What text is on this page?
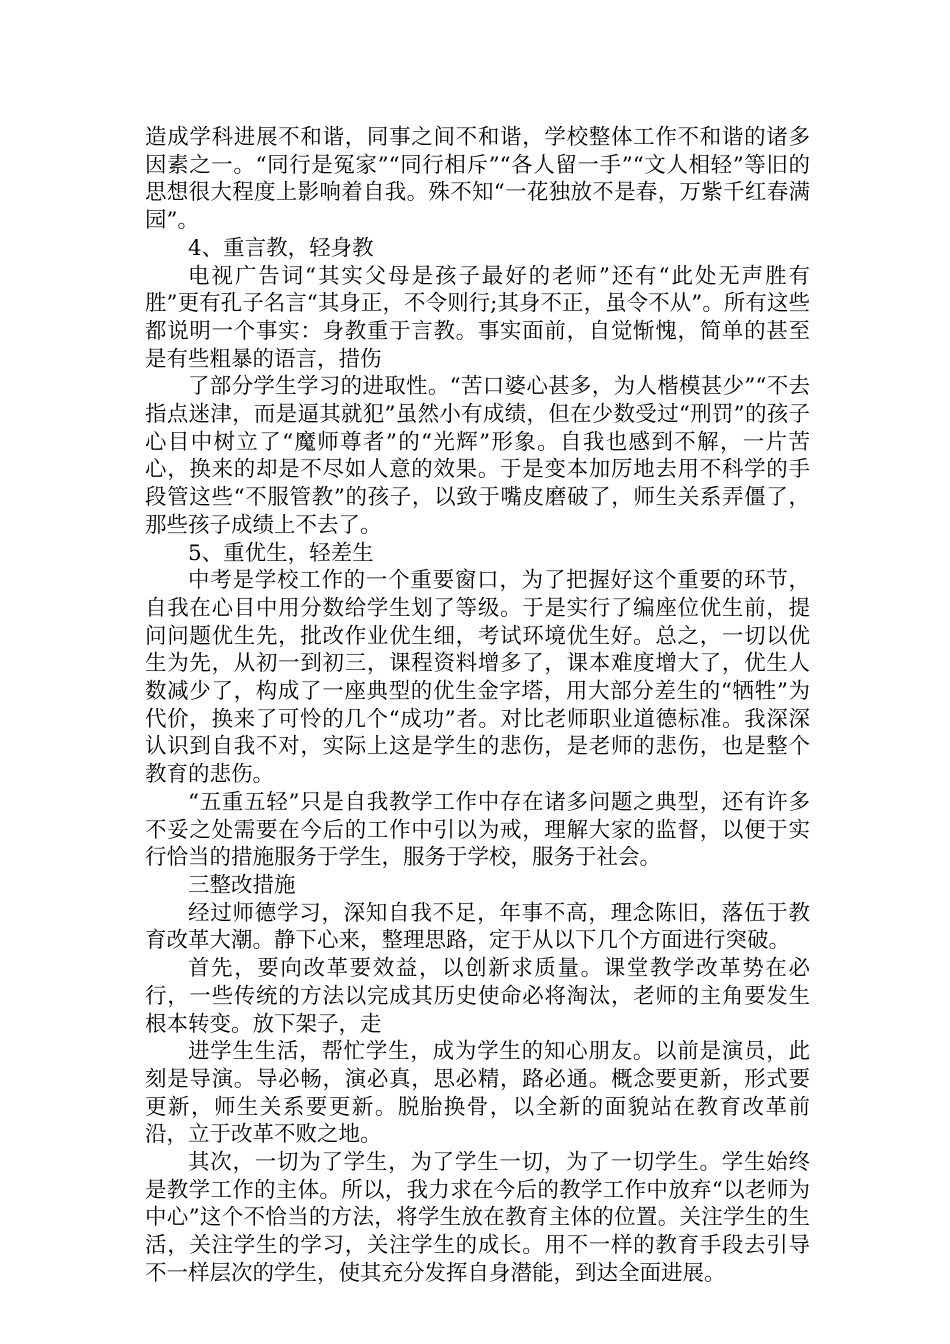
造成学科进展不和谐，同事之间不和谐，学校整体工作不和谐的诸多因素之一。“同行是冤家”“同行相斥”“各人留一手”“文人相轻”等旧的思想很大程度上影响着自我。殊不知“一花独放不是春，万紫千红春满园”。

4、重言教，轻身教

电视广告词“其实父母是孩子最好的老师”还有“此处无声胜有胜”更有孔子名言“其身正，不令则行;其身不正，虽令不从”。所有这些都说明一个事实：身教重于言教。事实面前，自觉惭愧，简单的甚至是有些粗暴的语言，措伤

了部分学生学习的进取性。“苦口婆心甚多，为人楷模甚少”“不去指点迷津，而是逼其就犯”虽然小有成绩，但在少数受过“刑罚”的孩子心目中树立了“魔师尊者”的“光辉”形象。自我也感到不解，一片苦心，换来的却是不尽如人意的效果。于是变本加厉地去用不科学的手段管这些“不服管教”的孩子，以致于嘴皮磨破了，师生关系弄僵了，那些孩子成绩上不去了。

5、重优生，轻差生

中考是学校工作的一个重要窗口，为了把握好这个重要的环节，自我在心目中用分数给学生划了等级。于是实行了编座位优生前，提问问题优生先，批改作业优生细，考试环境优生好。总之，一切以优生为先，从初一到初三，课程资料增多了，课本难度增大了，优生人数减少了，构成了一座典型的优生金字塔，用大部分差生的“牺牲”为代价，换来了可怜的几个“成功”者。对比老师职业道德标准。我深深认识到自我不对，实际上这是学生的悲伤，是老师的悲伤，也是整个教育的悲伤。

“五重五轻”只是自我教学工作中存在诸多问题之典型，还有许多不妥之处需要在今后的工作中引以为戒，理解大家的监督，以便于实行恰当的措施服务于学生，服务于学校，服务于社会。

三整改措施

经过师德学习，深知自我不足，年事不高，理念陈旧，落伍于教育改革大潮。静下心来，整理思路，定于从以下几个方面进行突破。

首先，要向改革要效益，以创新求质量。课堂教学改革势在必行，一些传统的方法以完成其历史使命必将淘汰，老师的主角要发生根本转变。放下架子，走

进学生生活，帮忙学生，成为学生的知心朋友。以前是演员，此刻是导演。导必畅，演必真，思必精，路必通。概念要更新，形式要更新，师生关系要更新。脱胎换骨，以全新的面貌站在教育改革前沿，立于改革不败之地。

其次，一切为了学生，为了学生一切，为了一切学生。学生始终是教学工作的主体。所以，我力求在今后的教学工作中放弃“以老师为中心”这个不恰当的方法，将学生放在教育主体的位置。关注学生的生活，关注学生的学习，关注学生的成长。用不一样的教育手段去引导不一样层次的学生，使其充分发挥自身潜能，到达全面进展。
